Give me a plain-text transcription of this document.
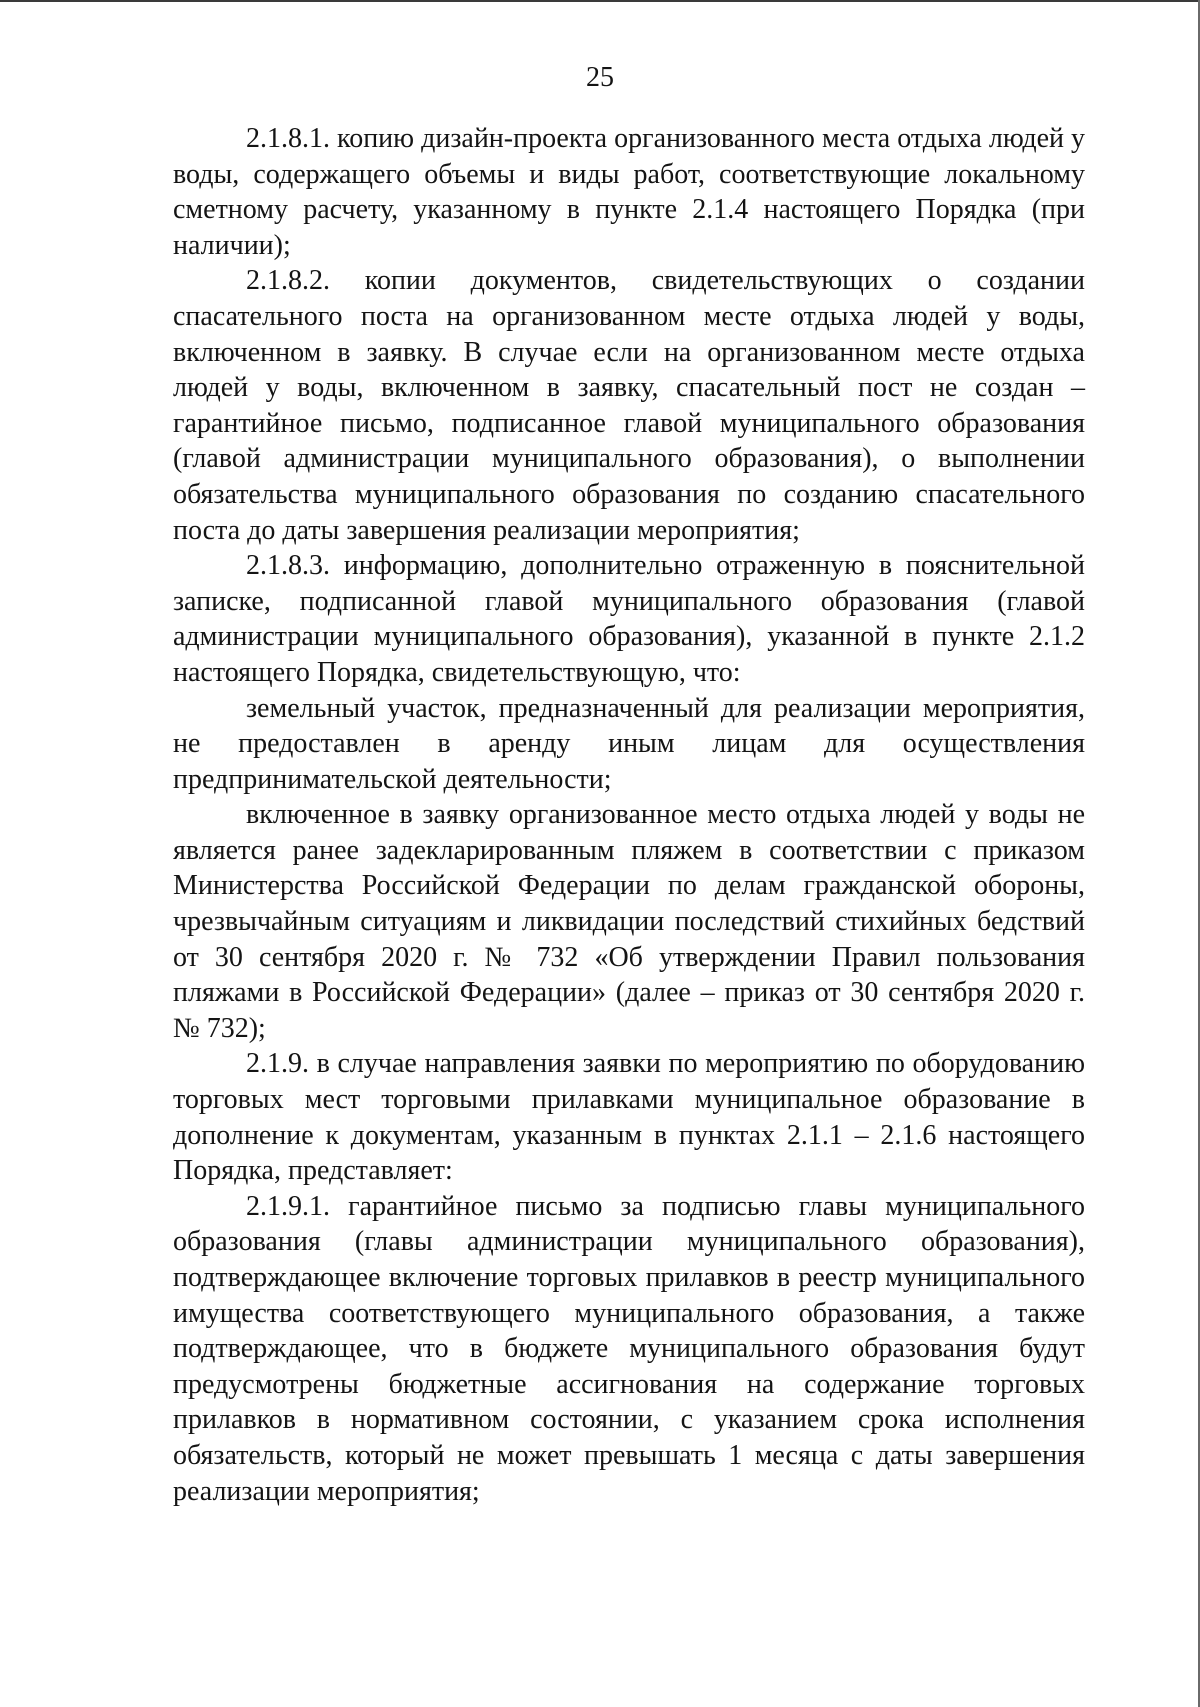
25

2.1.8.1. копию дизайн-проекта организованного места отдыха людей у воды, содержащего объемы и виды работ, соответствующие локальному сметному расчету, указанному в пункте 2.1.4 настоящего Порядка (при наличии);

2.1.8.2. копии документов, свидетельствующих о создании спасательного поста на организованном месте отдыха людей у воды, включенном в заявку. В случае если на организованном месте отдыха людей у воды, включенном в заявку, спасательный пост не создан – гарантийное письмо, подписанное главой муниципального образования (главой администрации муниципального образования), о выполнении обязательства муниципального образования по созданию спасательного поста до даты завершения реализации мероприятия;

2.1.8.3. информацию, дополнительно отраженную в пояснительной записке, подписанной главой муниципального образования (главой администрации муниципального образования), указанной в пункте 2.1.2 настоящего Порядка, свидетельствующую, что:

земельный участок, предназначенный для реализации мероприятия, не предоставлен в аренду иным лицам для осуществления предпринимательской деятельности;

включенное в заявку организованное место отдыха людей у воды не является ранее задекларированным пляжем в соответствии с приказом Министерства Российской Федерации по делам гражданской обороны, чрезвычайным ситуациям и ликвидации последствий стихийных бедствий от 30 сентября 2020 г. № 732 «Об утверждении Правил пользования пляжами в Российской Федерации» (далее – приказ от 30 сентября 2020 г. № 732);

2.1.9. в случае направления заявки по мероприятию по оборудованию торговых мест торговыми прилавками муниципальное образование в дополнение к документам, указанным в пунктах 2.1.1 – 2.1.6 настоящего Порядка, представляет:

2.1.9.1. гарантийное письмо за подписью главы муниципального образования (главы администрации муниципального образования), подтверждающее включение торговых прилавков в реестр муниципального имущества соответствующего муниципального образования, а также подтверждающее, что в бюджете муниципального образования будут предусмотрены бюджетные ассигнования на содержание торговых прилавков в нормативном состоянии, с указанием срока исполнения обязательств, который не может превышать 1 месяца с даты завершения реализации мероприятия;
